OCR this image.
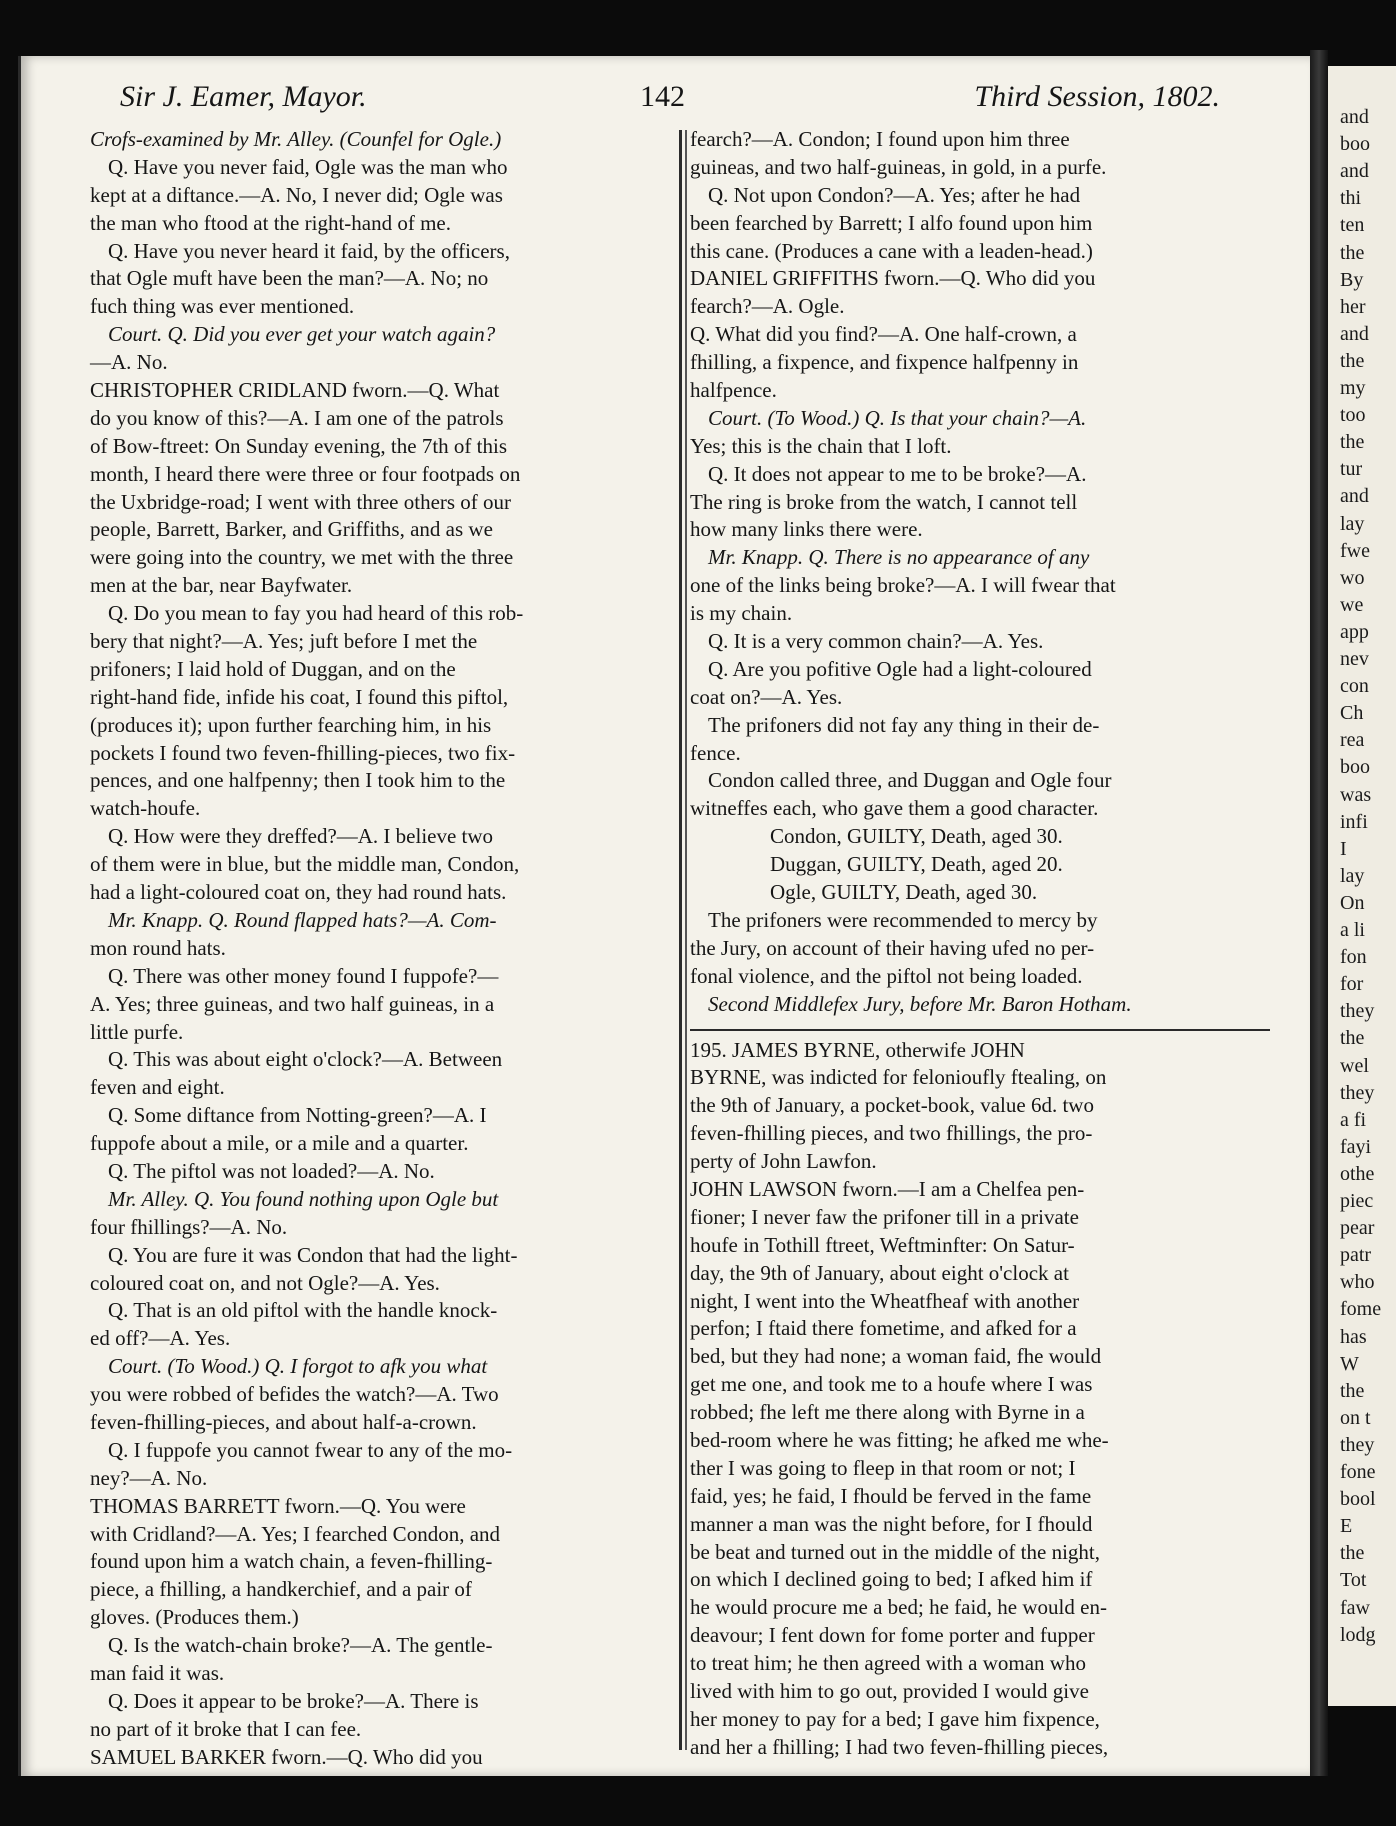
and
boo
and
thi
ten
the
By
her
and
the
my
too
the
tur
and
lay
fwe
wo
we
app
nev
con
Ch
rea
boo
was
infi
I
lay
On
a li
fon
for
they
the
wel
they
a fi
fayi
othe
piec
pear
patr
who
fome
has
W
the
on t
they
fone
bool
E
the
Tot
faw
lodg
Sir J. Eamer, Mayor.	142	Third Session, 1802.
Crofs-examined by Mr. Alley. (Counfel for Ogle.)
Q. Have you never faid, Ogle was the man who
kept at a diftance.—A. No, I never did; Ogle was
the man who ftood at the right-hand of me.
Q. Have you never heard it faid, by the officers,
that Ogle muft have been the man?—A. No; no
fuch thing was ever mentioned.
Court. Q. Did you ever get your watch again?
—A. No.
CHRISTOPHER CRIDLAND fworn.—Q. What
do you know of this?—A. I am one of the patrols
of Bow-ftreet: On Sunday evening, the 7th of this
month, I heard there were three or four footpads on
the Uxbridge-road; I went with three others of our
people, Barrett, Barker, and Griffiths, and as we
were going into the country, we met with the three
men at the bar, near Bayfwater.
Q. Do you mean to fay you had heard of this rob-
bery that night?—A. Yes; juft before I met the
prifoners; I laid hold of Duggan, and on the
right-hand fide, infide his coat, I found this piftol,
(produces it); upon further fearching him, in his
pockets I found two feven-fhilling-pieces, two fix-
pences, and one halfpenny; then I took him to the
watch-houfe.
Q. How were they dreffed?—A. I believe two
of them were in blue, but the middle man, Condon,
had a light-coloured coat on, they had round hats.
Mr. Knapp. Q. Round flapped hats?—A. Com-
mon round hats.
Q. There was other money found I fuppofe?—
A. Yes; three guineas, and two half guineas, in a
little purfe.
Q. This was about eight o'clock?—A. Between
feven and eight.
Q. Some diftance from Notting-green?—A. I
fuppofe about a mile, or a mile and a quarter.
Q. The piftol was not loaded?—A. No.
Mr. Alley. Q. You found nothing upon Ogle but
four fhillings?—A. No.
Q. You are fure it was Condon that had the light-
coloured coat on, and not Ogle?—A. Yes.
Q. That is an old piftol with the handle knock-
ed off?—A. Yes.
Court. (To Wood.) Q. I forgot to afk you what
you were robbed of befides the watch?—A. Two
feven-fhilling-pieces, and about half-a-crown.
Q. I fuppofe you cannot fwear to any of the mo-
ney?—A. No.
THOMAS BARRETT fworn.—Q. You were
with Cridland?—A. Yes; I fearched Condon, and
found upon him a watch chain, a feven-fhilling-
piece, a fhilling, a handkerchief, and a pair of
gloves. (Produces them.)
Q. Is the watch-chain broke?—A. The gentle-
man faid it was.
Q. Does it appear to be broke?—A. There is
no part of it broke that I can fee.
SAMUEL BARKER fworn.—Q. Who did you
fearch?—A. Condon; I found upon him three
guineas, and two half-guineas, in gold, in a purfe.
Q. Not upon Condon?—A. Yes; after he had
been fearched by Barrett; I alfo found upon him
this cane. (Produces a cane with a leaden-head.)
DANIEL GRIFFITHS fworn.—Q. Who did you
fearch?—A. Ogle.
Q. What did you find?—A. One half-crown, a
fhilling, a fixpence, and fixpence halfpenny in
halfpence.
Court. (To Wood.) Q. Is that your chain?—A.
Yes; this is the chain that I loft.
Q. It does not appear to me to be broke?—A.
The ring is broke from the watch, I cannot tell
how many links there were.
Mr. Knapp. Q. There is no appearance of any
one of the links being broke?—A. I will fwear that
is my chain.
Q. It is a very common chain?—A. Yes.
Q. Are you pofitive Ogle had a light-coloured
coat on?—A. Yes.
The prifoners did not fay any thing in their de-
fence.
Condon called three, and Duggan and Ogle four
witneffes each, who gave them a good character.
Condon, GUILTY, Death, aged 30.
Duggan, GUILTY, Death, aged 20.
Ogle, GUILTY, Death, aged 30.
The prifoners were recommended to mercy by
the Jury, on account of their having ufed no per-
fonal violence, and the piftol not being loaded.
Second Middlefex Jury, before Mr. Baron Hotham.
195. JAMES BYRNE, otherwife JOHN
BYRNE, was indicted for felonioufly ftealing, on
the 9th of January, a pocket-book, value 6d. two
feven-fhilling pieces, and two fhillings, the pro-
perty of John Lawfon.
JOHN LAWSON fworn.—I am a Chelfea pen-
fioner; I never faw the prifoner till in a private
houfe in Tothill ftreet, Weftminfter: On Satur-
day, the 9th of January, about eight o'clock at
night, I went into the Wheatfheaf with another
perfon; I ftaid there fometime, and afked for a
bed, but they had none; a woman faid, fhe would
get me one, and took me to a houfe where I was
robbed; fhe left me there along with Byrne in a
bed-room where he was fitting; he afked me whe-
ther I was going to fleep in that room or not; I
faid, yes; he faid, I fhould be ferved in the fame
manner a man was the night before, for I fhould
be beat and turned out in the middle of the night,
on which I declined going to bed; I afked him if
he would procure me a bed; he faid, he would en-
deavour; I fent down for fome porter and fupper
to treat him; he then agreed with a woman who
lived with him to go out, provided I would give
her money to pay for a bed; I gave him fixpence,
and her a fhilling; I had two feven-fhilling pieces,
